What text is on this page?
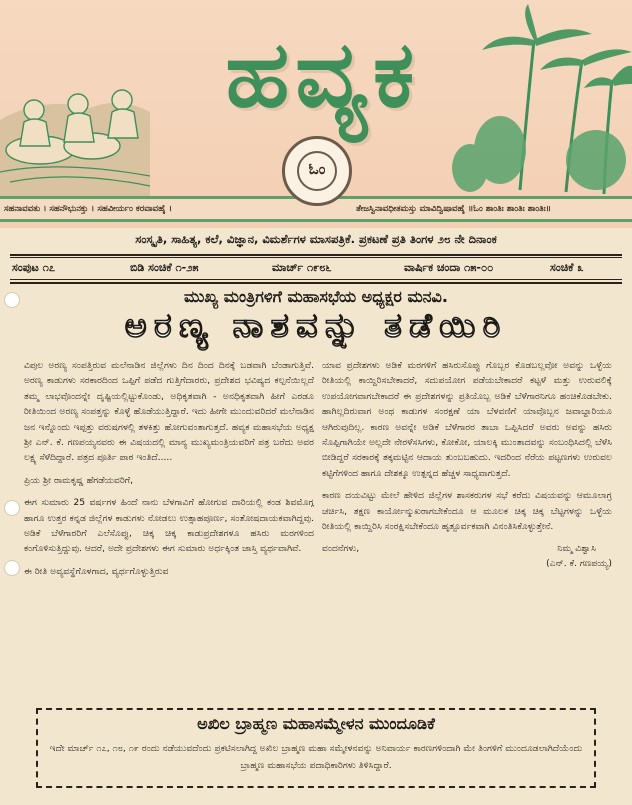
ಹವ್ಯಕ
ಓಂ
ಸಹನಾವವತು । ಸಹನೌಭುನಕ್ತು । ಸಹವೀರ್ಯಂ ಕರವಾವಹೈ ।	ತೇಜಸ್ವಿನಾವಧೀತಮಸ್ತು ಮಾವಿದ್ವಿಷಾವಹೈ ॥ಓಂ ಶಾಂತಿಃ ಶಾಂತಿಃ ಶಾಂತಿಃ॥
ಸಂಸ್ಕೃತಿ, ಸಾಹಿತ್ಯ, ಕಲೆ, ವಿಜ್ಞಾನ, ವಿಮರ್ಶೆಗಳ ಮಾಸಪತ್ರಿಕೆ. ಪ್ರಕಟಣೆ ಪ್ರತಿ ತಿಂಗಳ ೨೮ ನೇ ದಿನಾಂಕ
ಸಂಪುಟ ೧೭	ಬಿಡಿ ಸಂಚಿಕೆ ೧-೨೫	ಮಾರ್ಚ್ ೧೯೮೬	ವಾರ್ಷಿಕ ಚಂದಾ ೧೫-೦೦	ಸಂಚಿಕೆ ೩
ಮುಖ್ಯ ಮಂತ್ರಿಗಳಿಗೆ ಮಹಾಸಭೆಯ ಅಧ್ಯಕ್ಷರ ಮನವಿ.
ಅರಣ್ಯ ನಾಶವನ್ನು ತಡೆಯಿರಿ

ವಿಪುಲ ಅರಣ್ಯ ಸಂಪತ್ತಿರುವ ಮಲೆನಾಡಿನ ಜಿಲ್ಲೆಗಳು ದಿನ ದಿಂದ ದಿನಕ್ಕೆ ಬಡವಾಗಿ ಬೆಂಡಾಗುತ್ತಿವೆ. ಅರಣ್ಯ ಕಾಡುಗಳು ಸರಕಾರದಿಂದ ಒಪ್ಪಿಗೆ ಪಡೆದ ಗುತ್ತಿಗೆದಾರರು, ಪ್ರದೇಶದ ಭವಿಷ್ಯದ ಕಲ್ಪನೆಯಿಲ್ಲದೆ ತಮ್ಮ ಲಾಭವೊಂದನ್ನೇ ದೃಷ್ಟಿಯಲ್ಲಿಟ್ಟುಕೊಂಡು, ಅಧಿಕೃತವಾಗಿ - ಅನಧಿಕೃತವಾಗಿ ಹೀಗೆ ಎರಡೂ ರೀತಿಯಿಂದ ಅರಣ್ಯ ಸಂಪತ್ತನ್ನು ಕೊಳ್ಳೆ ಹೊಡೆಯುತ್ತಿದ್ದಾರೆ. ಇದು ಹೀಗೇ ಮುಂದುವರಿದರೆ ಮಲೆನಾಡಿನ ಜನ ಇನ್ನೊಂದು ಇಪ್ಪತ್ತು ವರುಷಗಳಲ್ಲಿ ತಳಕಿತ್ತು ಹೋಗುವಂತಾಗುತ್ತದೆ. ಹವ್ಯಕ ಮಹಾಸಭೆಯ ಅಧ್ಯಕ್ಷ ಶ್ರೀ ಎನ್. ಕೆ. ಗಣಪಯ್ಯನವರು ಈ ವಿಷಯದಲ್ಲಿ ಮಾನ್ಯ ಮುಖ್ಯಮಂತ್ರಿಯವರಿಗೆ ಪತ್ರ ಬರೆದು ಅವರ ಲಕ್ಷ್ಯ ಸೆಳೆದಿದ್ದಾರೆ. ಪತ್ರದ ಪೂರ್ತಿ ಪಾಠ ಇಂತಿದೆ.....

ಪ್ರಿಯ ಶ್ರೀ ರಾಮಕೃಷ್ಣ ಹೆಗಡೆಯವರಿಗೆ,

ಈಗ ಸುಮಾರು 25 ವರ್ಷಗಳ ಹಿಂದೆ ನಾನು ಬೆಳಗಾವಿಗೆ ಹೋಗುವ ದಾರಿಯಲ್ಲಿ ಕಂಡ ಶಿವಮೊಗ್ಗ ಹಾಗೂ ಉತ್ತರ ಕನ್ನಡ ಜಿಲ್ಲೆಗಳ ಕಾಡುಗಳು ನೋಡಲು ಉತ್ಸಾಹಪೂರ್ಣ, ಸಂತೋಷದಾಯಕವಾಗಿದ್ದವು. ಅಡಿಕೆ ಬೆಳೆಗಾರರಿಗೆ ಎಲೆಸೊಪ್ಪು, ಚಿಕ್ಕ ಚಿಕ್ಕ ಕಾಡುಪ್ರದೇಶಗಳೂ ಹಸಿರು ಮರಗಳಿಂದ ಕಂಗೊಳಿಸುತ್ತಿದ್ದುವು. ಆದರೆ, ಅದೇ ಪ್ರದೇಶಗಳು ಈಗ ಸುಮಾರು ಅರ್ಧಕ್ಕಿಂತ ಜಾಸ್ತಿ ವ್ಯರ್ಥವಾಗಿವೆ.

ಈ ರೀತಿ ಅವ್ಯವಸ್ಥೆಗೊಳಗಾದ, ವ್ಯರ್ಥಗೊಳ್ಳುತ್ತಿರುವ

ಯಾವ ಪ್ರದೇಶಗಳು ಅಡಿಕೆ ಮರಗಳಿಗೆ ಹಸಿರುಸೊಪ್ಪು ಗೊಬ್ಬರ ಕೊಡಬಲ್ಲವೋ ಅವನ್ನು ಒಳ್ಳೆಯ ರೀತಿಯಲ್ಲಿ ಕಾಯ್ದಿರಿಸಬೇಕಾದರೆ, ಸದುಪಯೋಗ ಪಡೆಯಬೇಕಾದರೆ ಕಟ್ಟಳೆ ಮತ್ತು ಉರುವಲಿಕ್ಕೆ ಉಪಯೋಗವಾಗಬೇಕಾದರೆ ಈ ಪ್ರದೇಶಗಳನ್ನು ಪ್ರತಿಯೊಬ್ಬ ಅಡಿಕೆ ಬೆಳೆಗಾರನಿಗೂ ಹಂಚಿಕೊಡಬೇಕು. ಹಾಗಿಲ್ಲದಿರುವಾಗ ಅಂಥ ಕಾಡುಗಳ ಸಂರಕ್ಷಣೆ ಯಾ ಬೆಳವಣಿಗೆ ಯಾವೊಬ್ಬನ ಜವಾಬ್ದಾರಿಯೂ ಆಗಿರುವುದಿಲ್ಲ. ಕಾರಣ ಅವನ್ನೇ ಅಡಿಕೆ ಬೆಳೆಗಾರರ ತಾಬಾ ಒಪ್ಪಿಸಿದರೆ ಅವರು ಅವನ್ನು ಹಸಿರು ಸೊಪ್ಪಿಗಾಗಿಯೇ ಅಲ್ಲದೇ ನೇರಳೆಸಸಿಗಳು, ಕೋಕೋ, ಯಾಲಕ್ಕಿ ಮುಂತಾದವನ್ನು ಸಂಬಂಧಿಸಿದಲ್ಲಿ ಬೆಳೆಸಿ ಬೀಡಿದ್ದರೆ ಸರಕಾರಕ್ಕೆ ತಕ್ಕಮಟ್ಟಿನ ಆದಾಯ ತುಂಬಬಹುದು. ಇದರಿಂದ ನೆರೆಯ ಪಟ್ಟಣಗಳು ಉರುವಲ ಕಟ್ಟಿಗೆಗಳಿಂದ ಹಾಗೂ ದೇಶಕ್ಕೂ ಉತ್ಪನ್ನದ ಹೆಚ್ಚಳ ಸಾಧ್ಯವಾಗುತ್ತದೆ.

ಕಾರಣ ದಯವಿಟ್ಟು ಮೇಲೆ ಹೇಳಿದ ಜಿಲ್ಲೆಗಳ ಶಾಸಕರುಗಳ ಸಭೆ ಕರೆದು ವಿಷಯವನ್ನು ಆಮೂಲಾಗ್ರ ಚರ್ಚಿಸಿ, ತಕ್ಷಣ ಕಾರ್ಯೋನ್ಮುಖರಾಗಬೇಕೆಂದೂ ಆ ಮೂಲಕ ಚಿಕ್ಕ ಚಿಕ್ಕ ಬೆಟ್ಟಗಳನ್ನು ಒಳ್ಳೆಯ ರೀತಿಯಲ್ಲಿ ಕಾಯ್ದಿರಿಸಿ ಸಂರಕ್ಷಿಸಬೇಕೆಂದೂ ಹೃತ್ಪೂರ್ವಕವಾಗಿ ವಿನಂತಿಸಿಕೊಳ್ಳುತ್ತೇನೆ.

ವಂದನೆಗಳು,	ನಿಮ್ಮ ವಿಶ್ವಾಸಿ
(ಎನ್. ಕೆ. ಗಣಪಯ್ಯ)
ಅಖಿಲ ಬ್ರಾಹ್ಮಣ ಮಹಾಸಮ್ಮೇಳನ ಮುಂದೂಡಿಕೆ
ಇದೇ ಮಾರ್ಚ್ ೧೭, ೧೮, ೧೯ ರಂದು ನಡೆಯುವದೆಂದು ಪ್ರಕಟಿಸಲಾಗಿದ್ದ ಅಖಿಲ ಬ್ರಾಹ್ಮಣ ಮಹಾ ಸಮ್ಮೇಳನವನ್ನು ಅನಿವಾರ್ಯ ಕಾರಣಗಳಿಂದಾಗಿ ಮೇ ತಿಂಗಳಿಗೆ ಮುಂದೂಡಲಾಗಿದೆಯೆಂದು ಬ್ರಾಹ್ಮಣ ಮಹಾಸಭೆಯ ಪದಾಧಿಕಾರಿಗಳು ತಿಳಿಸಿದ್ದಾರೆ.
